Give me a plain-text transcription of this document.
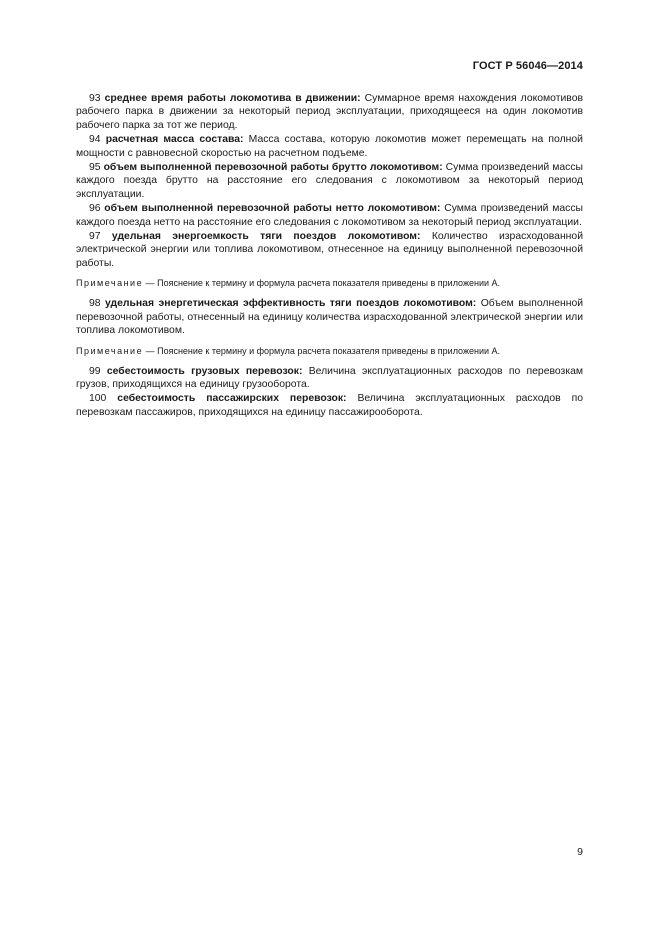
ГОСТ Р 56046—2014

93 среднее время работы локомотива в движении: Суммарное время нахождения локомотивов рабочего парка в движении за некоторый период эксплуатации, приходящееся на один локомотив рабочего парка за тот же период.

94 расчетная масса состава: Масса состава, которую локомотив может перемещать на полной мощности с равновесной скоростью на расчетном подъеме.

95 объем выполненной перевозочной работы брутто локомотивом: Сумма произведений массы каждого поезда брутто на расстояние его следования с локомотивом за некоторый период эксплуатации.

96 объем выполненной перевозочной работы нетто локомотивом: Сумма произведений массы каждого поезда нетто на расстояние его следования с локомотивом за некоторый период эксплуатации.

97 удельная энергоемкость тяги поездов локомотивом: Количество израсходованной электрической энергии или топлива локомотивом, отнесенное на единицу выполненной перевозочной работы.

Примечание — Пояснение к термину и формула расчета показателя приведены в приложении А.

98 удельная энергетическая эффективность тяги поездов локомотивом: Объем выполненной перевозочной работы, отнесенный на единицу количества израсходованной электрической энергии или топлива локомотивом.

Примечание — Пояснение к термину и формула расчета показателя приведены в приложении А.

99 себестоимость грузовых перевозок: Величина эксплуатационных расходов по перевозкам грузов, приходящихся на единицу грузооборота.

100 себестоимость пассажирских перевозок: Величина эксплуатационных расходов по перевозкам пассажиров, приходящихся на единицу пассажирооборота.

9
